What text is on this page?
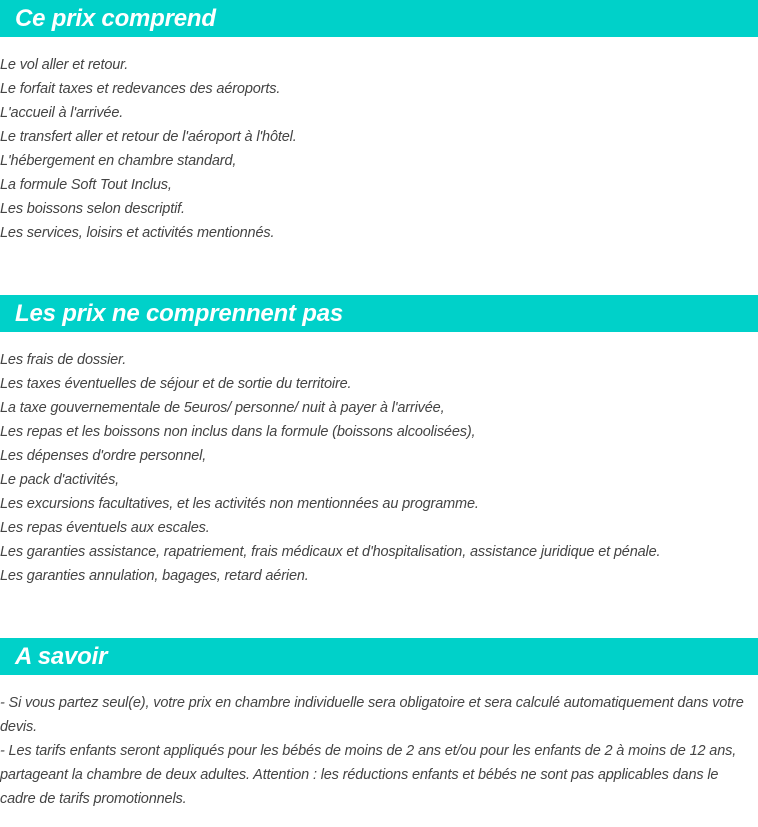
Ce prix comprend
Le vol aller et retour.
Le forfait taxes et redevances des aéroports.
L'accueil à l'arrivée.
Le transfert aller et retour de l'aéroport à l'hôtel.
L'hébergement en chambre standard,
La formule Soft Tout Inclus,
Les boissons selon descriptif.
Les services, loisirs et activités mentionnés.
Les prix ne comprennent pas
Les frais de dossier.
Les taxes éventuelles de séjour et de sortie du territoire.
La taxe gouvernementale de 5euros/ personne/ nuit à payer à l'arrivée,
Les repas et les boissons non inclus dans la formule (boissons alcoolisées),
Les dépenses d'ordre personnel,
Le pack d'activités,
Les excursions facultatives, et les activités non mentionnées au programme.
Les repas éventuels aux escales.
Les garanties assistance, rapatriement, frais médicaux et d'hospitalisation, assistance juridique et pénale.
Les garanties annulation, bagages, retard aérien.
A savoir

- Si vous partez seul(e), votre prix en chambre individuelle sera obligatoire et sera calculé automatiquement dans votre devis.

- Les tarifs enfants seront appliqués pour les bébés de moins de 2 ans et/ou pour les enfants de 2 à moins de 12 ans, partageant la chambre de deux adultes. Attention : les réductions enfants et bébés ne sont pas applicables dans le cadre de tarifs promotionnels.
